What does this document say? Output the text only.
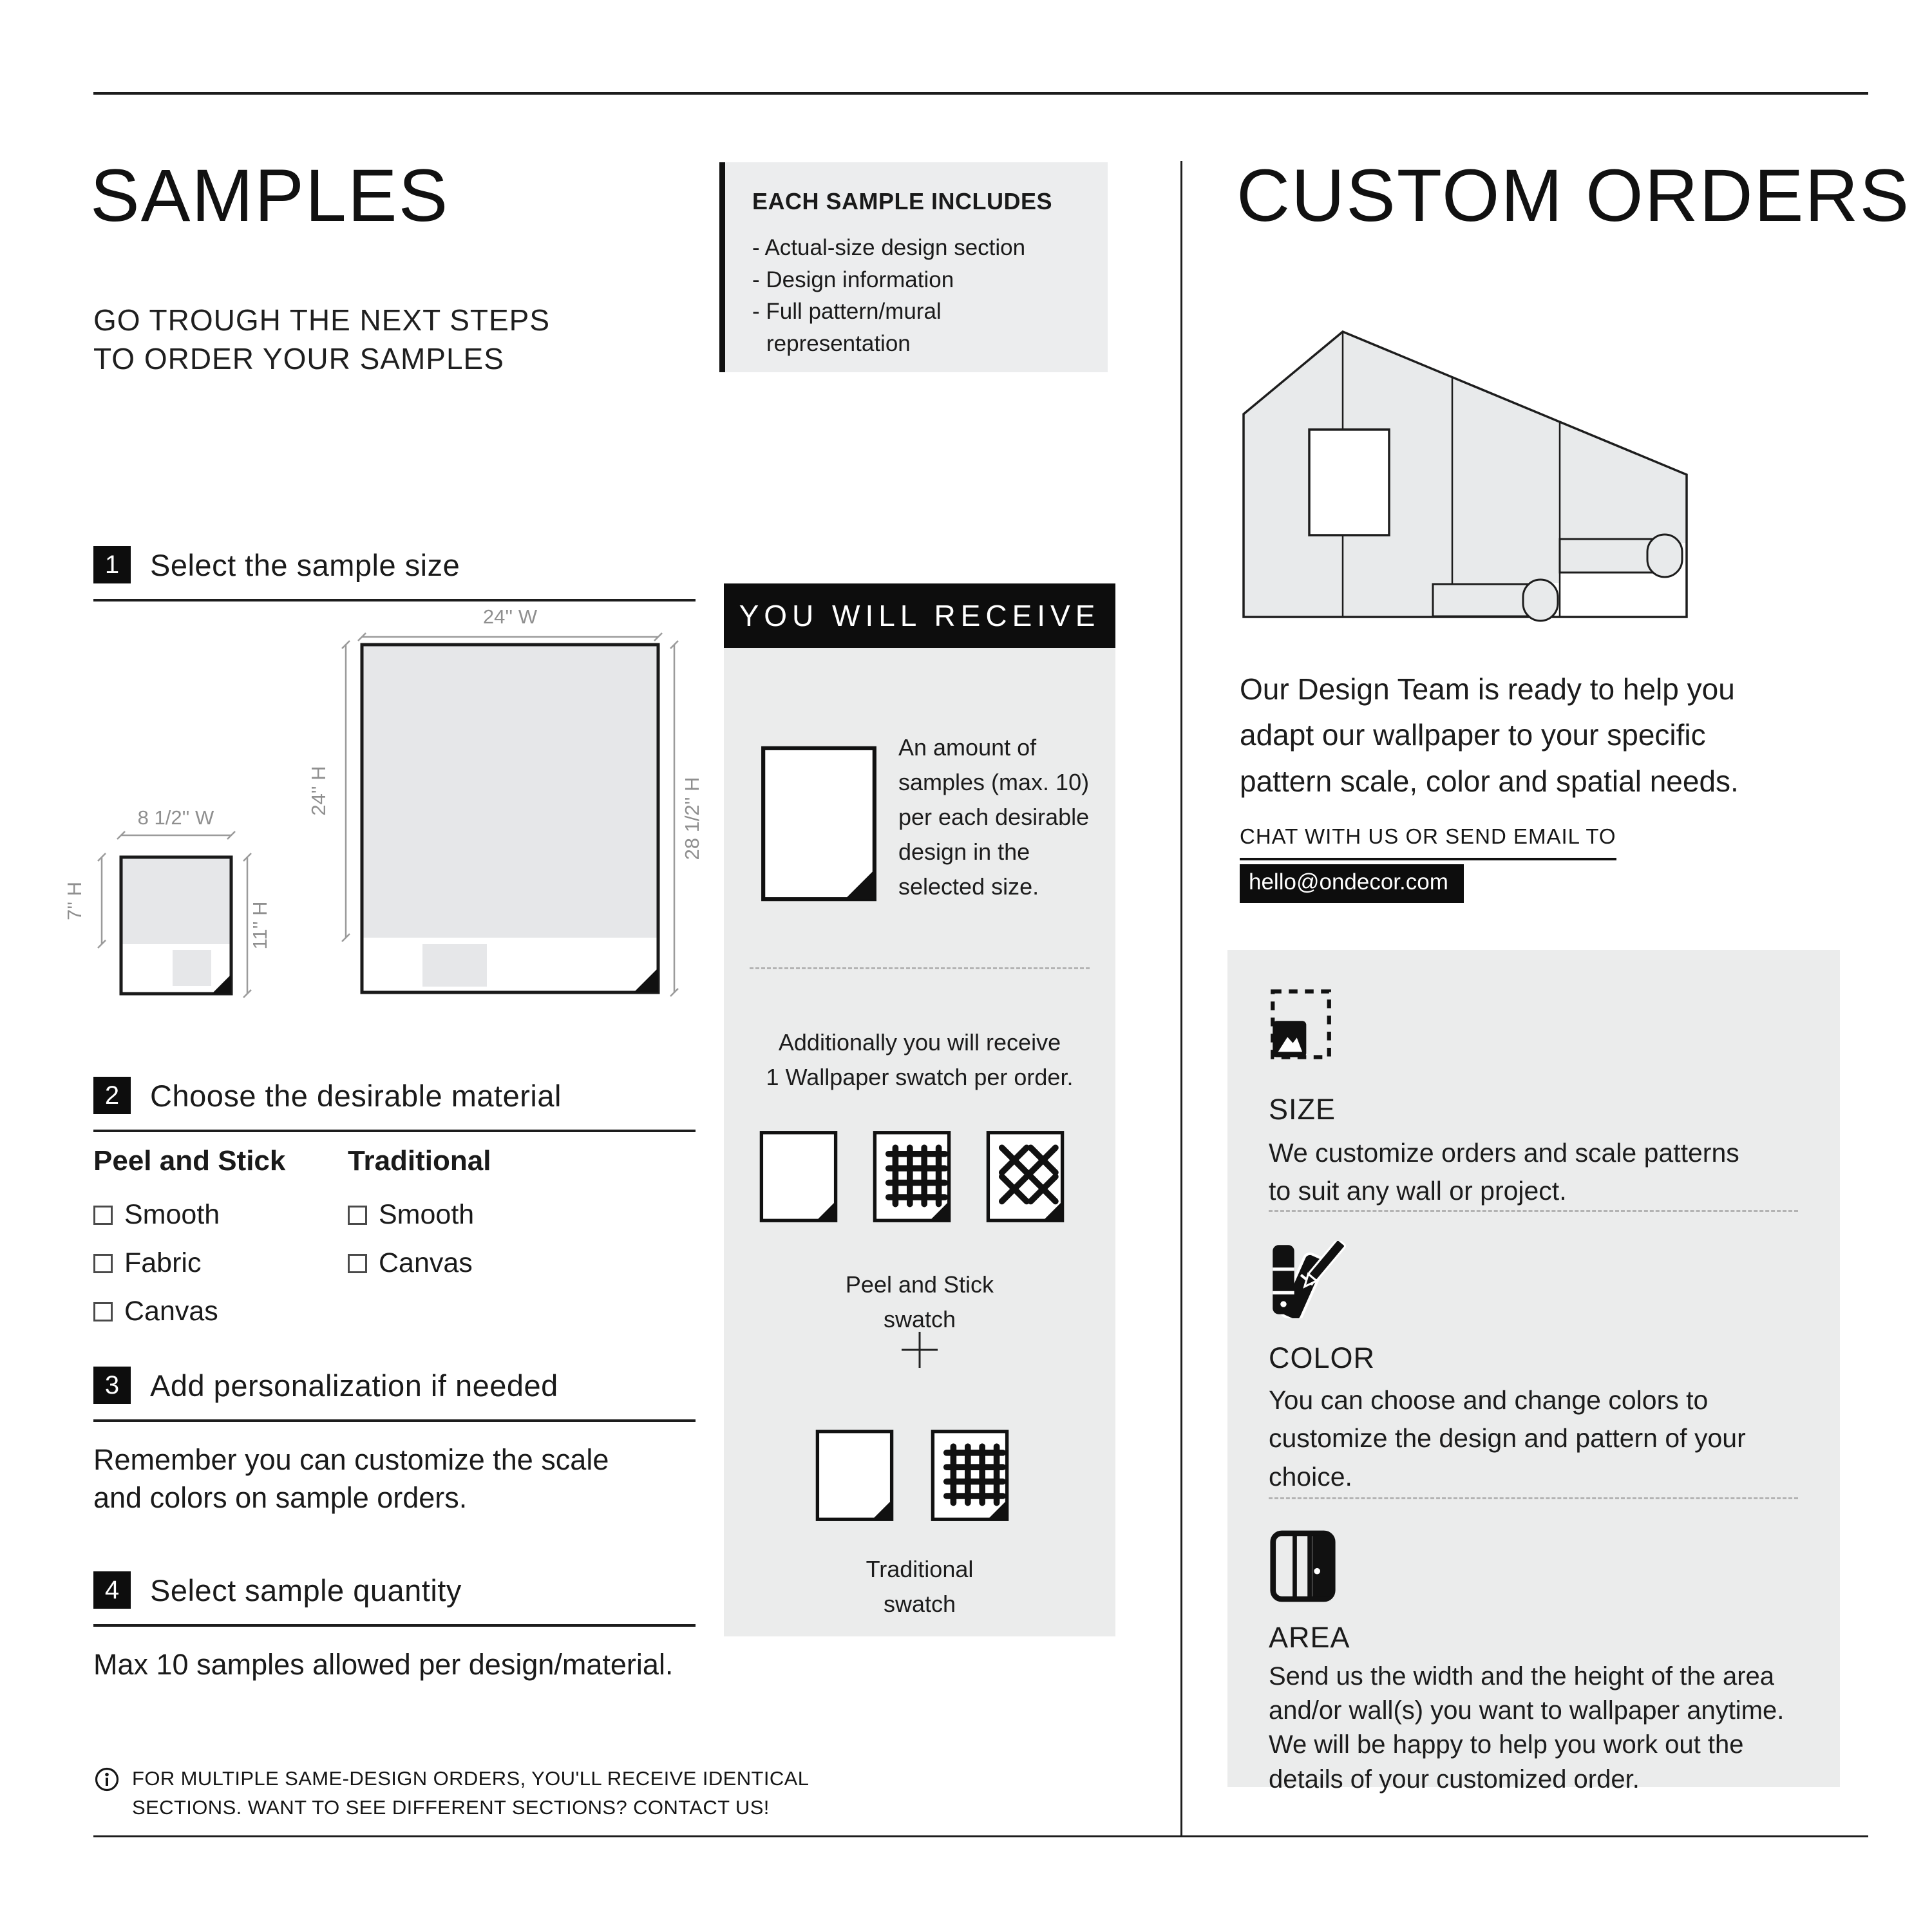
SAMPLES
GO TROUGH THE NEXT STEPS
TO ORDER YOUR SAMPLES
EACH SAMPLE INCLUDES
- Actual-size design section
- Design information
- Full pattern/mural representation
1	Select the sample size
24'' W
24'' H	28 1/2'' H
8 1/2'' W
7'' H
11'' H
2	Choose the desirable material
Peel and Stick
Smooth
Fabric
Canvas
Traditional
Smooth
Canvas
3	Add personalization if needed
Remember you can customize the scale
and colors on sample orders.
4	Select sample quantity
Max 10 samples allowed per design/material.
FOR MULTIPLE SAME-DESIGN ORDERS, YOU'LL RECEIVE IDENTICAL
SECTIONS. WANT TO SEE DIFFERENT SECTIONS? CONTACT US!
YOU WILL RECEIVE
An amount of
samples (max. 10)
per each desirable
design in the
selected size.
Additionally you will receive
1 Wallpaper swatch per order.
Peel and Stick
swatch
Traditional
swatch
CUSTOM ORDERS
Our Design Team is ready to help you
adapt our wallpaper to your specific
pattern scale, color and spatial needs.
CHAT WITH US OR SEND EMAIL TO
hello@ondecor.com
SIZE
We customize orders and scale patterns
to suit any wall or project.
COLOR
You can choose and change colors to
customize the design and pattern of your
choice.
AREA
Send us the width and the height of the area
and/or wall(s) you want to wallpaper anytime.
We will be happy to help you work out the
details of your customized order.
